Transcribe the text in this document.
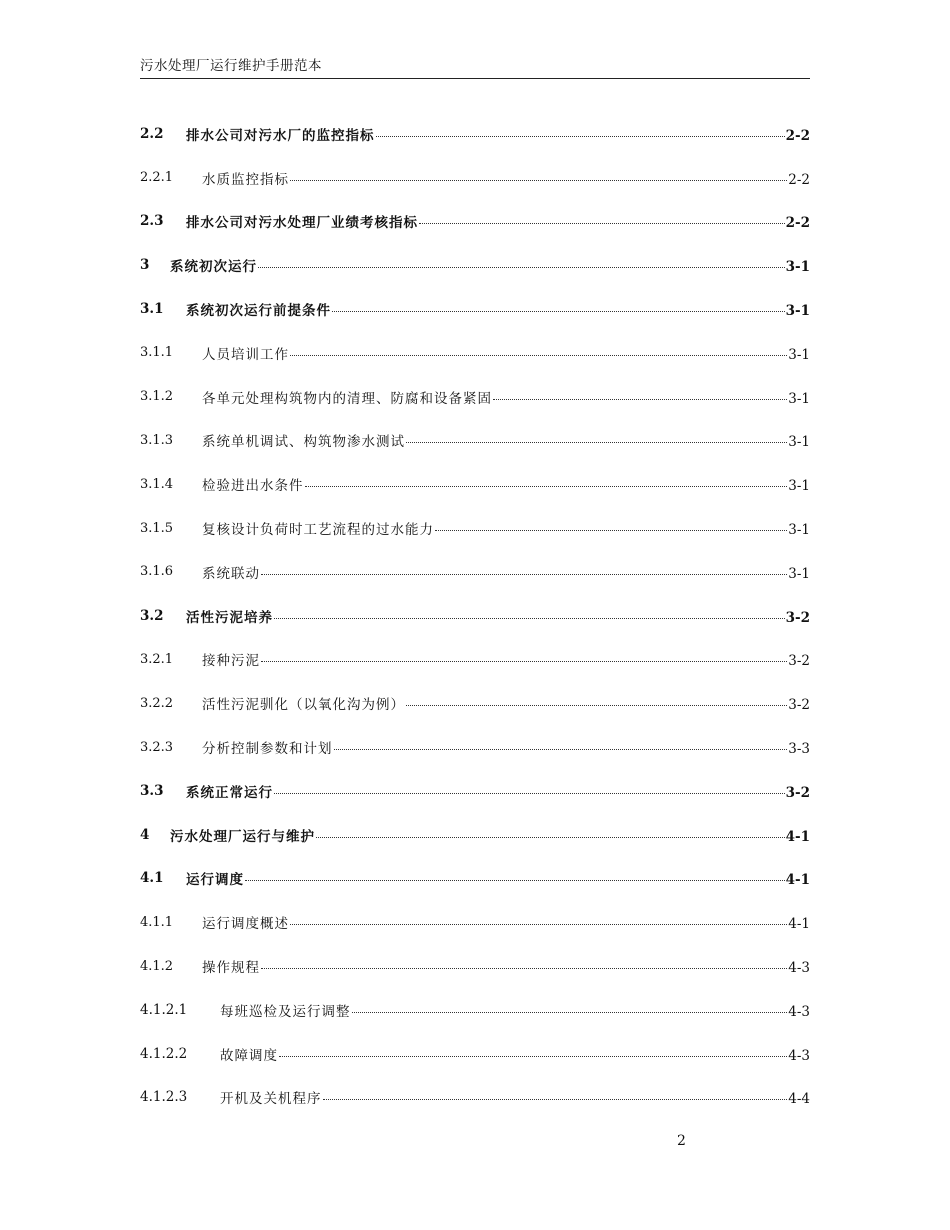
污水处理厂运行维护手册范本
2.2 排水公司对污水厂的监控指标	2-2
2.2.1 水质监控指标	2-2
2.3 排水公司对污水处理厂业绩考核指标	2-2
3 系统初次运行	3-1
3.1 系统初次运行前提条件	3-1
3.1.1 人员培训工作	3-1
3.1.2 各单元处理构筑物内的清理、防腐和设备紧固	3-1
3.1.3 系统单机调试、构筑物渗水测试	3-1
3.1.4 检验进出水条件	3-1
3.1.5 复核设计负荷时工艺流程的过水能力	3-1
3.1.6 系统联动	3-1
3.2 活性污泥培养	3-2
3.2.1 接种污泥	3-2
3.2.2 活性污泥驯化（以氧化沟为例）	3-2
3.2.3 分析控制参数和计划	3-3
3.3 系统正常运行	3-2
4 污水处理厂运行与维护	4-1
4.1 运行调度	4-1
4.1.1 运行调度概述	4-1
4.1.2 操作规程	4-3
4.1.2.1 每班巡检及运行调整	4-3
4.1.2.2 故障调度	4-3
4.1.2.3 开机及关机程序	4-4
2
